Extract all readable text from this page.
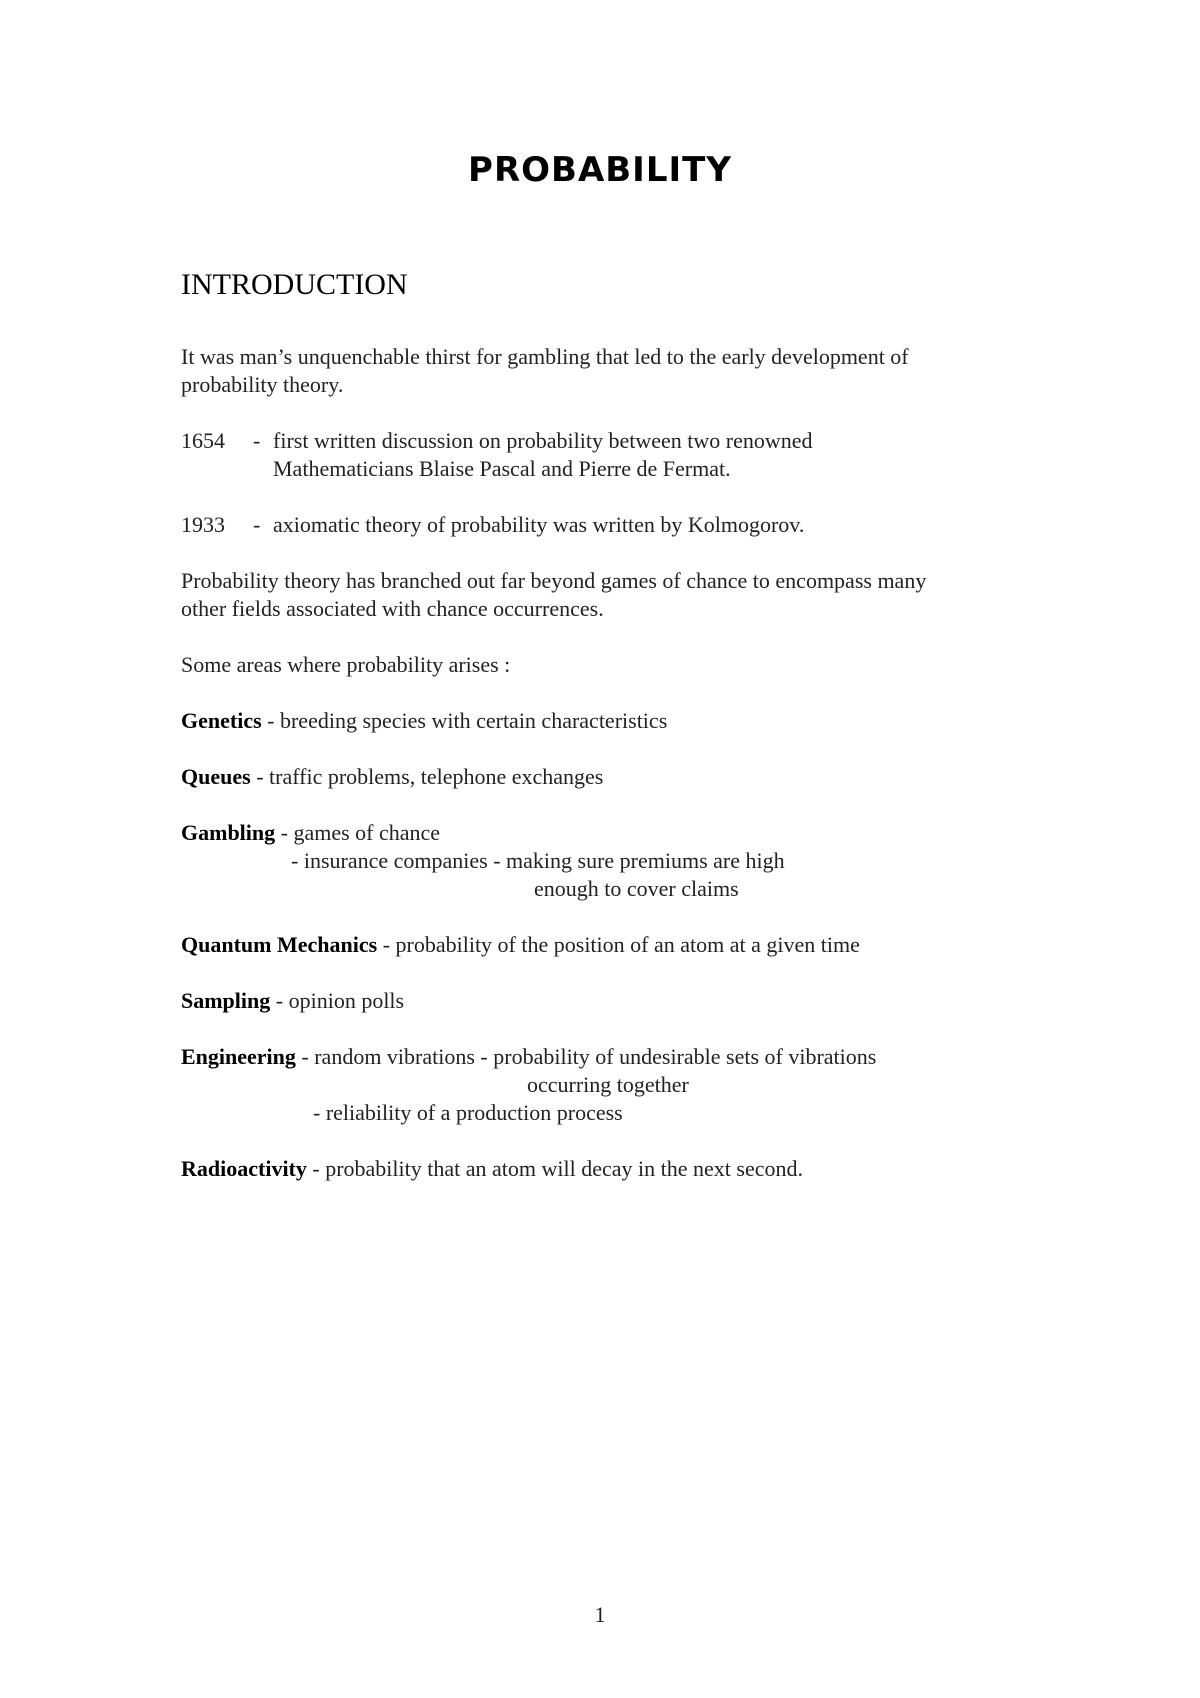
PROBABILITY
INTRODUCTION
It was man’s unquenchable thirst for gambling that led to the early development of
probability theory.
1654 - first written discussion on probability between two renowned
Mathematicians Blaise Pascal and Pierre de Fermat.
1933 - axiomatic theory of probability was written by Kolmogorov.
Probability theory has branched out far beyond games of chance to encompass many
other fields associated with chance occurrences.
Some areas where probability arises :
Genetics - breeding species with certain characteristics
Queues - traffic problems, telephone exchanges
Gambling - games of chance
- insurance companies - making sure premiums are high
enough to cover claims
Quantum Mechanics - probability of the position of an atom at a given time
Sampling - opinion polls
Engineering - random vibrations - probability of undesirable sets of vibrations
occurring together
- reliability of a production process
Radioactivity - probability that an atom will decay in the next second.
1
